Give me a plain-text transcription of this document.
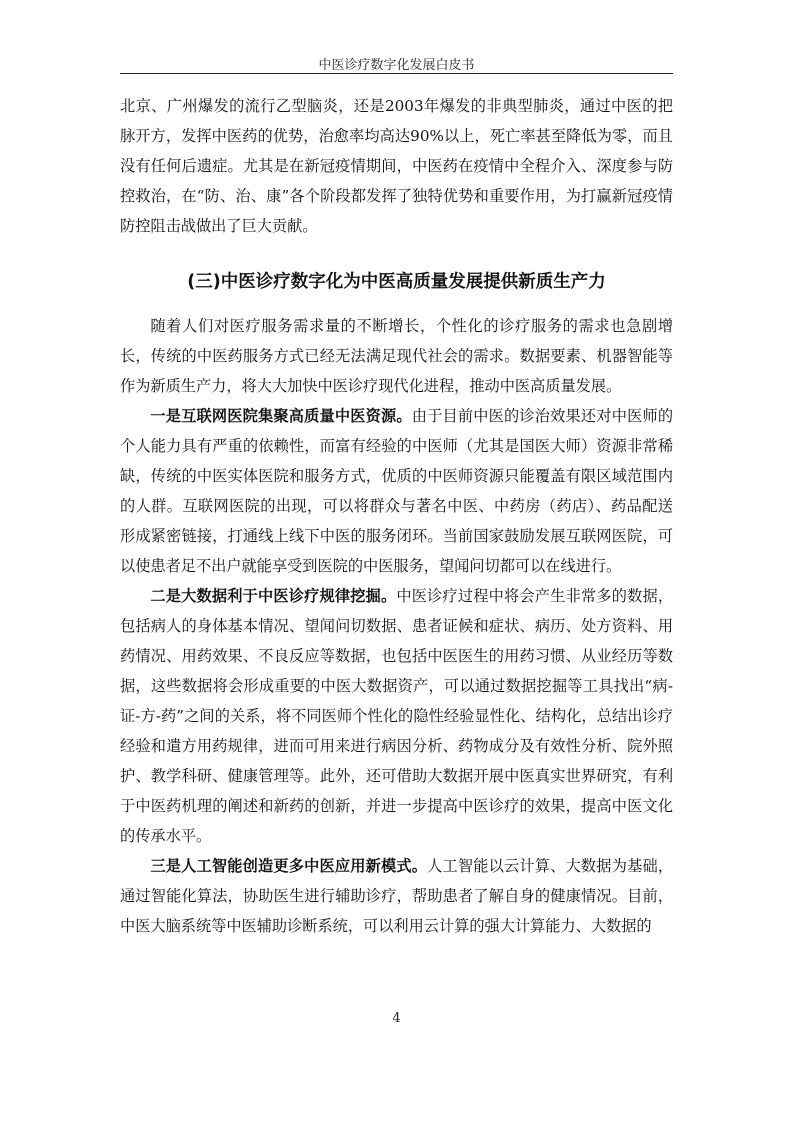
中医诊疗数字化发展白皮书

北京、广州爆发的流行乙型脑炎，还是2003年爆发的非典型肺炎，通过中医的把脉开方，发挥中医药的优势，治愈率均高达90%以上，死亡率甚至降低为零，而且没有任何后遗症。尤其是在新冠疫情期间，中医药在疫情中全程介入、深度参与防控救治，在“防、治、康”各个阶段都发挥了独特优势和重要作用，为打赢新冠疫情防控阻击战做出了巨大贡献。

(三)中医诊疗数字化为中医高质量发展提供新质生产力

随着人们对医疗服务需求量的不断增长，个性化的诊疗服务的需求也急剧增长，传统的中医药服务方式已经无法满足现代社会的需求。数据要素、机器智能等作为新质生产力，将大大加快中医诊疗现代化进程，推动中医高质量发展。

一是互联网医院集聚高质量中医资源。由于目前中医的诊治效果还对中医师的个人能力具有严重的依赖性，而富有经验的中医师（尤其是国医大师）资源非常稀缺，传统的中医实体医院和服务方式，优质的中医师资源只能覆盖有限区域范围内的人群。互联网医院的出现，可以将群众与著名中医、中药房（药店）、药品配送形成紧密链接，打通线上线下中医的服务闭环。当前国家鼓励发展互联网医院，可以使患者足不出户就能享受到医院的中医服务，望闻问切都可以在线进行。

二是大数据利于中医诊疗规律挖掘。中医诊疗过程中将会产生非常多的数据，包括病人的身体基本情况、望闻问切数据、患者证候和症状、病历、处方资料、用药情况、用药效果、不良反应等数据，也包括中医医生的用药习惯、从业经历等数据，这些数据将会形成重要的中医大数据资产，可以通过数据挖掘等工具找出“病-证-方-药”之间的关系，将不同医师个性化的隐性经验显性化、结构化，总结出诊疗经验和遣方用药规律，进而可用来进行病因分析、药物成分及有效性分析、院外照护、教学科研、健康管理等。此外，还可借助大数据开展中医真实世界研究，有利于中医药机理的阐述和新药的创新，并进一步提高中医诊疗的效果，提高中医文化的传承水平。

三是人工智能创造更多中医应用新模式。人工智能以云计算、大数据为基础，通过智能化算法，协助医生进行辅助诊疗，帮助患者了解自身的健康情况。目前，中医大脑系统等中医辅助诊断系统，可以利用云计算的强大计算能力、大数据的

4
